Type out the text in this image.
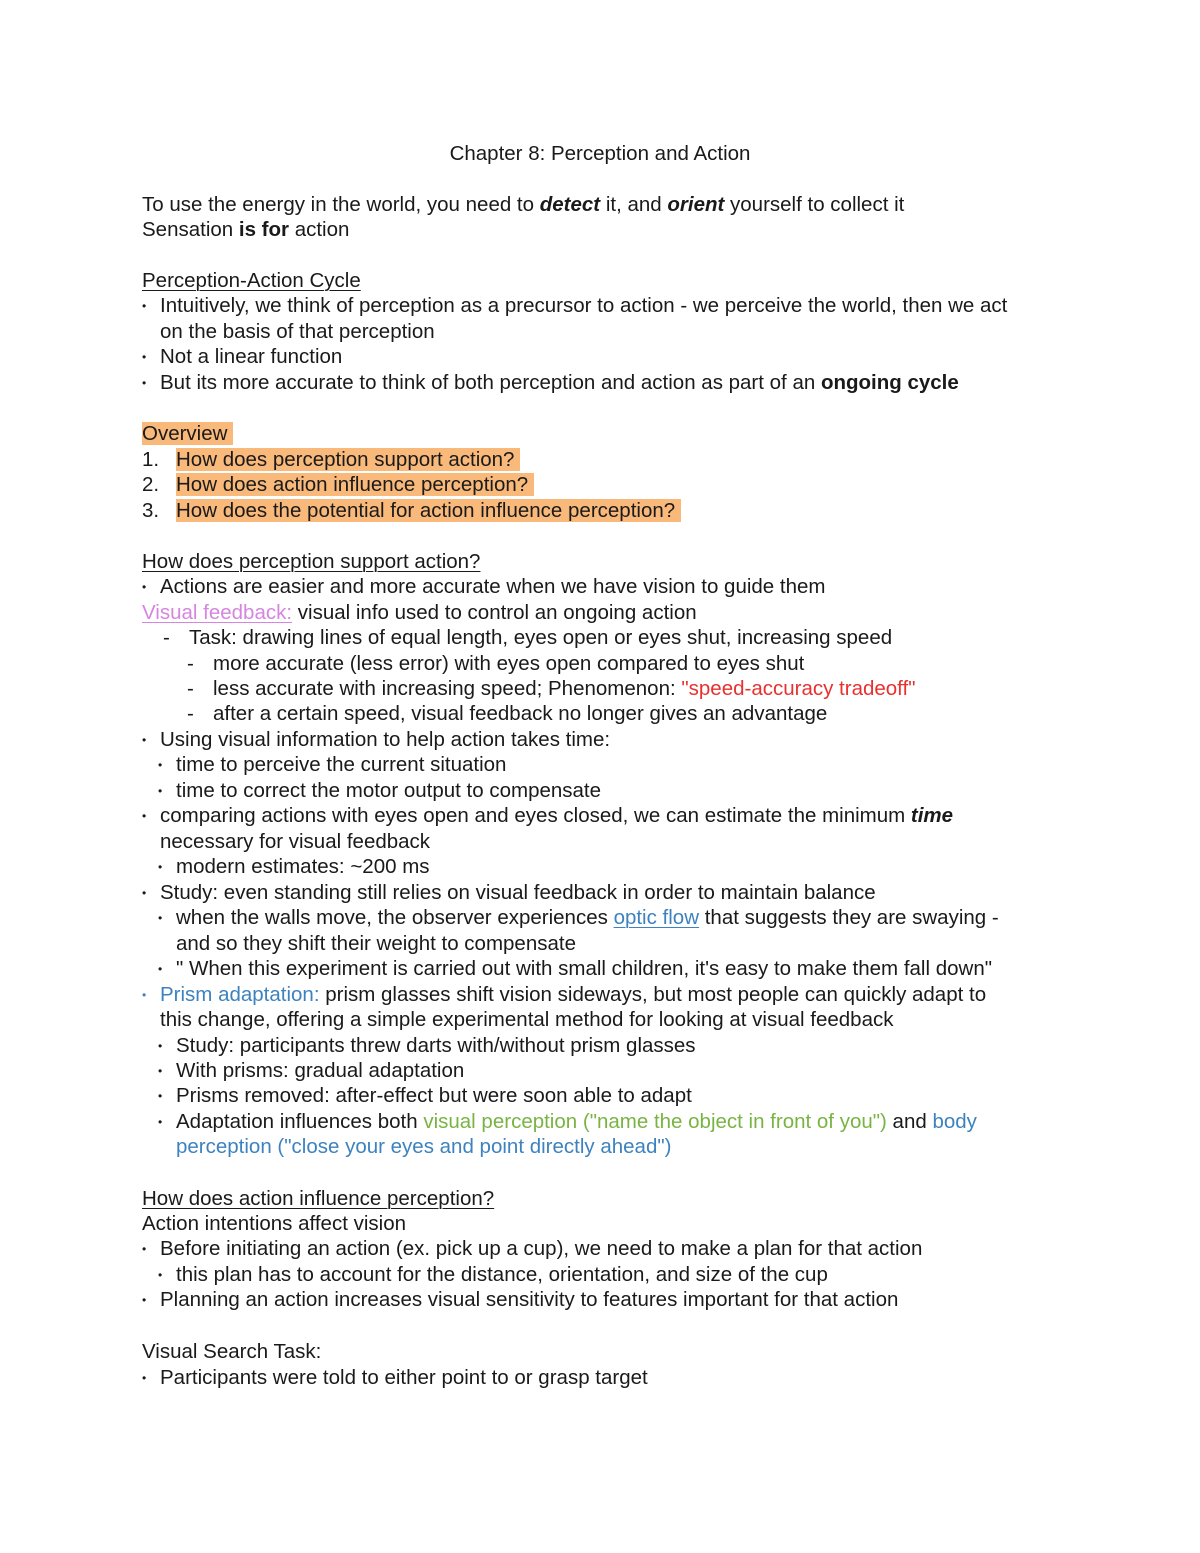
Chapter 8: Perception and Action
To use the energy in the world, you need to detect it, and orient yourself to collect it
Sensation is for action
Perception-Action Cycle
• Intuitively, we think of perception as a precursor to action - we perceive the world, then we act
on the basis of that perception
• Not a linear function
• But its more accurate to think of both perception and action as part of an ongoing cycle
Overview
1. How does perception support action?
2. How does action influence perception?
3. How does the potential for action influence perception?
How does perception support action?
• Actions are easier and more accurate when we have vision to guide them
Visual feedback: visual info used to control an ongoing action
- Task: drawing lines of equal length, eyes open or eyes shut, increasing speed
- more accurate (less error) with eyes open compared to eyes shut
- less accurate with increasing speed; Phenomenon: "speed-accuracy tradeoff"
- after a certain speed, visual feedback no longer gives an advantage
• Using visual information to help action takes time:
• time to perceive the current situation
• time to correct the motor output to compensate
• comparing actions with eyes open and eyes closed, we can estimate the minimum time
necessary for visual feedback
• modern estimates: ~200 ms
• Study: even standing still relies on visual feedback in order to maintain balance
• when the walls move, the observer experiences optic flow that suggests they are swaying -
and so they shift their weight to compensate
• " When this experiment is carried out with small children, it's easy to make them fall down"
• Prism adaptation: prism glasses shift vision sideways, but most people can quickly adapt to
this change, offering a simple experimental method for looking at visual feedback
• Study: participants threw darts with/without prism glasses
• With prisms: gradual adaptation
• Prisms removed: after-effect but were soon able to adapt
• Adaptation influences both visual perception ("name the object in front of you") and body
perception ("close your eyes and point directly ahead")
How does action influence perception?
Action intentions affect vision
• Before initiating an action (ex. pick up a cup), we need to make a plan for that action
• this plan has to account for the distance, orientation, and size of the cup
• Planning an action increases visual sensitivity to features important for that action
Visual Search Task:
• Participants were told to either point to or grasp target
